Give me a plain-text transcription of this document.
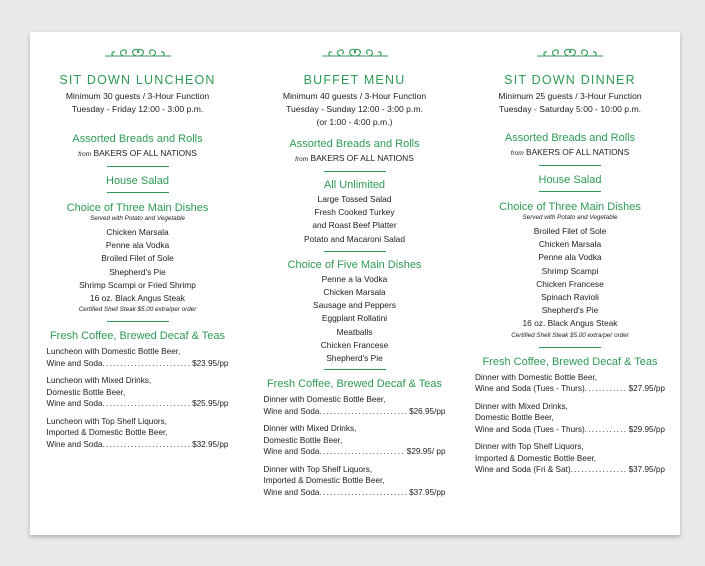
SIT DOWN LUNCHEON
Minimum 30 guests / 3-Hour Function
Tuesday - Friday 12:00 - 3:00 p.m.
Assorted Breads and Rolls
from BAKERS OF ALL NATIONS
House Salad
Choice of Three Main Dishes
Served with Potato and Vegetable
Chicken Marsala
Penne ala Vodka
Broiled Filet of Sole
Shepherd's Pie
Shrimp Scampi or Fried Shrimp
16 oz. Black Angus Steak
Certified Shell Steak $5.00 extra/per order
Fresh Coffee, Brewed Decaf & Teas
Luncheon with Domestic Bottle Beer,
Wine and Soda . . .	$23.95/pp
Luncheon with Mixed Drinks,
Domestic Bottle Beer,
Wine and Soda . . .	$25.95/pp
Luncheon with Top Shelf Liquors,
Imported & Domestic Bottle Beer,
Wine and Soda . . .	$32.95/pp
BUFFET MENU
Minimum 40 guests / 3-Hour Function
Tuesday - Sunday 12:00 - 3:00 p.m.
(or 1:00 - 4:00 p.m.)
Assorted Breads and Rolls
from BAKERS OF ALL NATIONS
All Unlimited
Large Tossed Salad
Fresh Cooked Turkey
and Roast Beef Platter
Potato and Macaroni Salad
Choice of Five Main Dishes
Penne a la Vodka
Chicken Marsala
Sausage and Peppers
Eggplant Rollatini
Meatballs
Chicken Francese
Shepherd's Pie
Fresh Coffee, Brewed Decaf & Teas
Dinner with Domestic Bottle Beer,
Wine and Soda . . .	$26.95/pp
Dinner with Mixed Drinks,
Domestic Bottle Beer,
Wine and Soda . . .	$29.95/ pp
Dinner with Top Shelf Liquors,
Imported & Domestic Bottle Beer,
Wine and Soda . . .	$37.95/pp
SIT DOWN DINNER
Minimum 25 guests / 3-Hour Function
Tuesday - Saturday 5:00 - 10:00 p.m.
Assorted Breads and Rolls
from BAKERS OF ALL NATIONS
House Salad
Choice of Three Main Dishes
Served with Potato and Vegetable
Broiled Filet of Sole
Chicken Marsala
Penne ala Vodka
Shrimp Scampi
Chicken Francese
Spinach Ravioli
Shepherd's Pie
16 oz. Black Angus Steak
Certified Shell Steak $5.00 extra/per order
Fresh Coffee, Brewed Decaf & Teas
Dinner with Domestic Bottle Beer,
Wine and Soda (Tues - Thurs) . . .	$27.95/pp
Dinner with Mixed Drinks,
Domestic Bottle Beer,
Wine and Soda (Tues - Thurs) . . .	$29.95/pp
Dinner with Top Shelf Liquors,
Imported & Domestic Bottle Beer,
Wine and Soda (Fri & Sat) . . .	$37.95/pp
